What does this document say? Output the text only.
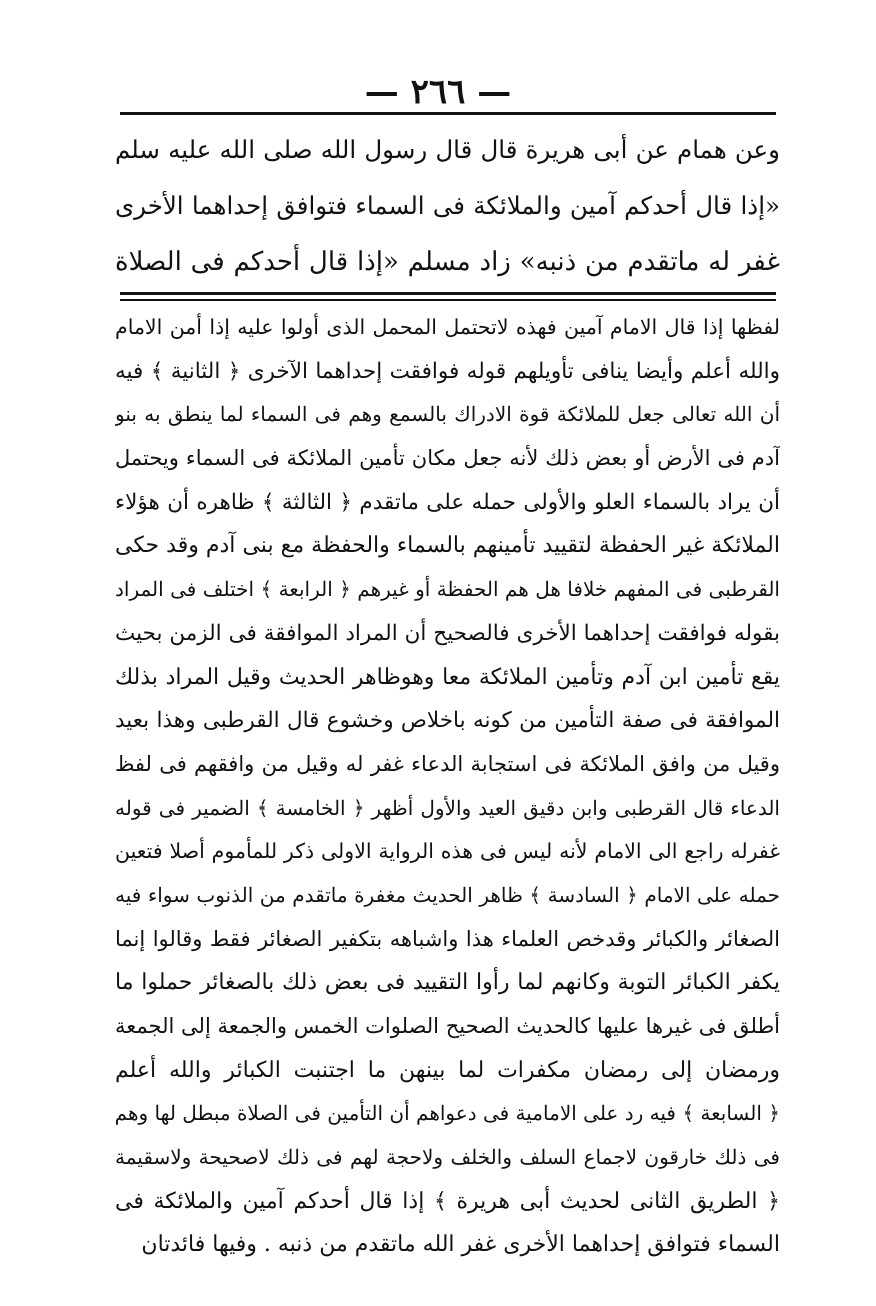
— ٢٦٦ —
وعن همام عن أبى هريرة قال قال رسول الله صلى الله عليه سلم
«إذا قال أحدكم آمين والملائكة فى السماء فتوافق إحداهما الأخرى
غفر له ماتقدم من ذنبه» زاد مسلم «إذا قال أحدكم فى الصلاة
لفظها إذا قال الامام آمين فهذه لاتحتمل المحمل الذى أولوا عليه إذا أمن الامام
والله أعلم وأيضا ينافى تأويلهم قوله فوافقت إحداهما الآخرى ﴿ الثانية ﴾ فيه
أن الله تعالى جعل للملائكة قوة الادراك بالسمع وهم فى السماء لما ينطق به بنو
آدم فى الأرض أو بعض ذلك لأنه جعل مكان تأمين الملائكة فى السماء ويحتمل
أن يراد بالسماء العلو والأولى حمله على ماتقدم ﴿ الثالثة ﴾ ظاهره أن هؤلاء
الملائكة غير الحفظة لتقييد تأمينهم بالسماء والحفظة مع بنى آدم وقد حكى
القرطبى فى المفهم خلافا هل هم الحفظة أو غيرهم ﴿ الرابعة ﴾ اختلف فى المراد
بقوله فوافقت إحداهما الأخرى فالصحيح أن المراد الموافقة فى الزمن بحيث
يقع تأمين ابن آدم وتأمين الملائكة معا وهوظاهر الحديث وقيل المراد بذلك
الموافقة فى صفة التأمين من كونه باخلاص وخشوع قال القرطبى وهذا بعيد
وقيل من وافق الملائكة فى استجابة الدعاء غفر له وقيل من وافقهم فى لفظ
الدعاء قال القرطبى وابن دقيق العيد والأول أظهر ﴿ الخامسة ﴾ الضمير فى قوله
غفرله راجع الى الامام لأنه ليس فى هذه الرواية الاولى ذكر للمأموم أصلا فتعين
حمله على الامام ﴿ السادسة ﴾ ظاهر الحديث مغفرة ماتقدم من الذنوب سواء فيه
الصغائر والكبائر وقدخص العلماء هذا واشباهه بتكفير الصغائر فقط وقالوا إنما
يكفر الكبائر التوبة وكانهم لما رأوا التقييد فى بعض ذلك بالصغائر حملوا ما
أطلق فى غيرها عليها كالحديث الصحيح الصلوات الخمس والجمعة إلى الجمعة
ورمضان إلى رمضان مكفرات لما بينهن ما اجتنبت الكبائر والله أعلم
﴿ السابعة ﴾ فيه رد على الامامية فى دعواهم أن التأمين فى الصلاة مبطل لها وهم
فى ذلك خارقون لاجماع السلف والخلف ولاحجة لهم فى ذلك لاصحيحة ولاسقيمة
﴿ الطريق الثانى لحديث أبى هريرة ﴾ إذا قال أحدكم آمين والملائكة فى
السماء فتوافق إحداهما الأخرى غفر الله ماتقدم من ذنبه . وفيها فائدتان
